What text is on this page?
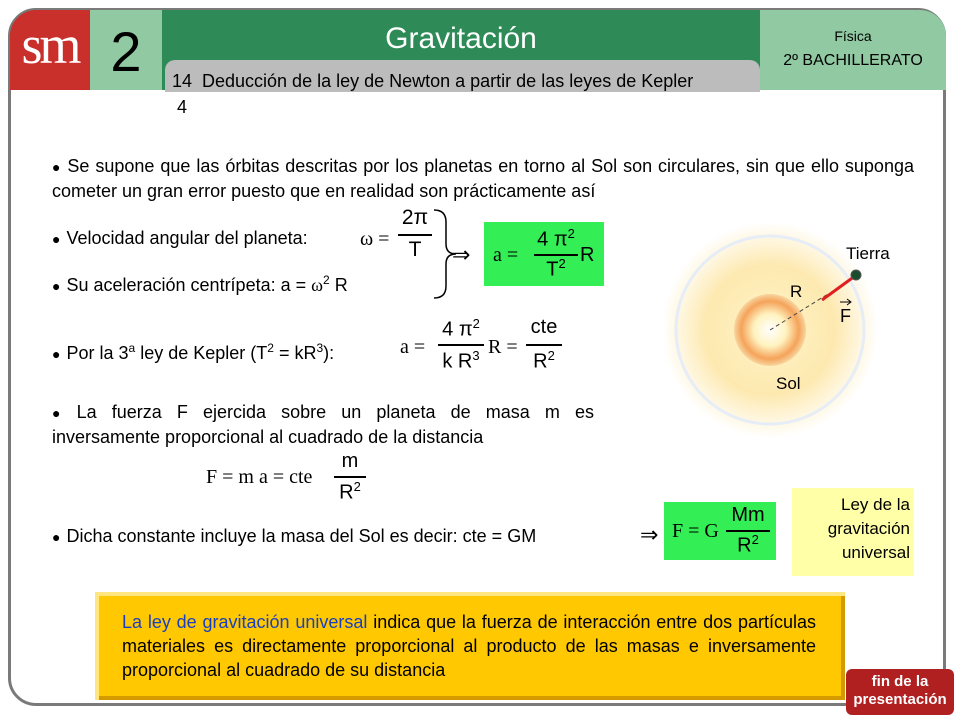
sm 2	Gravitación	Física
2º BACHILLERATO
14
4
Deducción de la ley de Newton a partir de las leyes de Kepler
● Se supone que las órbitas descritas por los planetas en torno al Sol son circulares, sin que ello suponga cometer un gran error puesto que en realidad son prácticamente así
● Velocidad angular del planeta:	ω =
2π
T	⇒ a =
4 $\pi^2$
$T^2$ R
● Su aceleración centrípeta: $a = \omega^2$ R
● Por la 3$^a$ ley de Kepler $(T^2 = kR^3)$:	a =
4 $\pi^2$
k $R^3$ R =
cte
$R^2$
Tierra
R
F
Sol
● La fuerza F ejercida sobre un planeta de masa m es inversamente proporcional al cuadrado de la distancia
F = m a = cte
m
$R^2$
● Dicha constante incluye la masa del Sol es decir: cte = GM	⇒ F = G
Mm
$R^2$
Ley de la gravitación universal
La ley de gravitación universal indica que la fuerza de interacción entre dos partículas materiales es directamente proporcional al producto de las masas e inversamente proporcional al cuadrado de su distancia
fin de la presentación
